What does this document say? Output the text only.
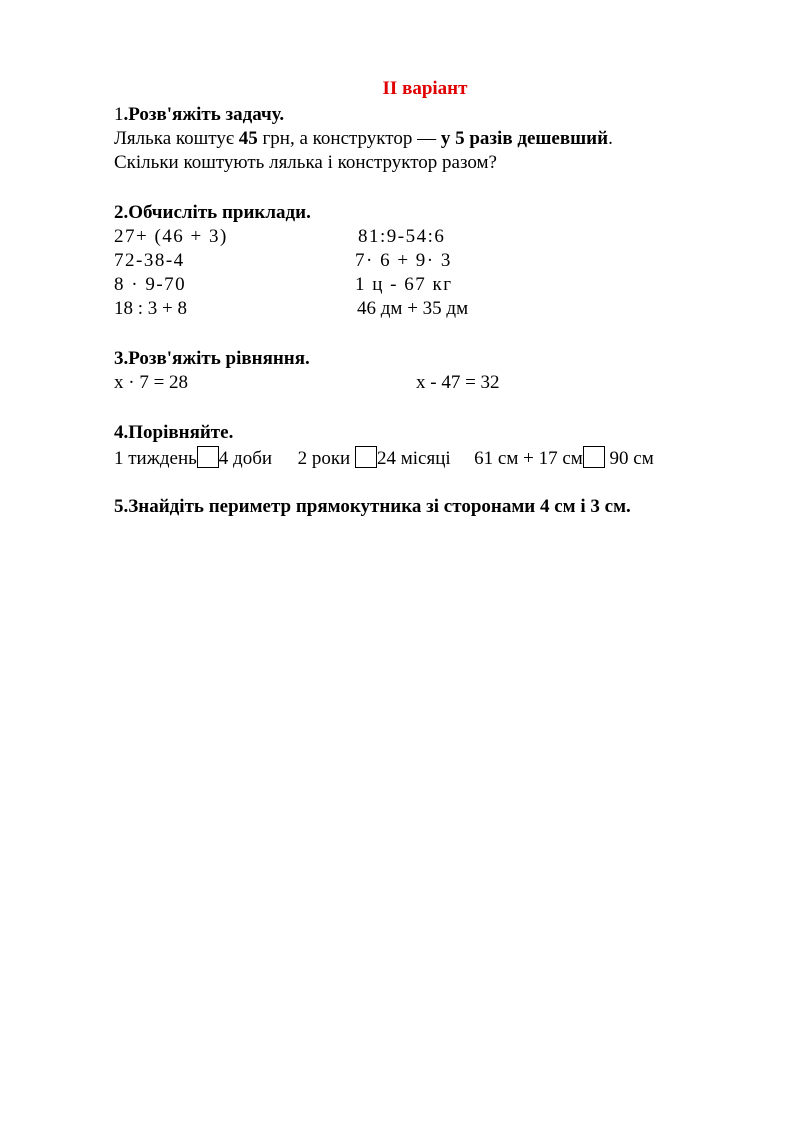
II варіант
1.Розв'яжіть задачу.
Лялька коштує 45 грн, а конструктор — у 5 разів дешевший.
Скільки коштують лялька і конструктор разом?
2.Обчисліть приклади.
27+ (46 + 3)
72-38-4
8 · 9-70
18 : 3 + 8
81:9-54:6
7· 6 + 9· 3
1 ц - 67 кг
46 дм + 35 дм
3.Розв'яжіть рівняння.
х · 7 = 28	х - 47 = 32
4.Порівняйте.
1 тиждень 4 доби 2 роки 24 місяці 61 см + 17 см 90 см
5.Знайдіть периметр прямокутника зі сторонами 4 см і 3 см.
